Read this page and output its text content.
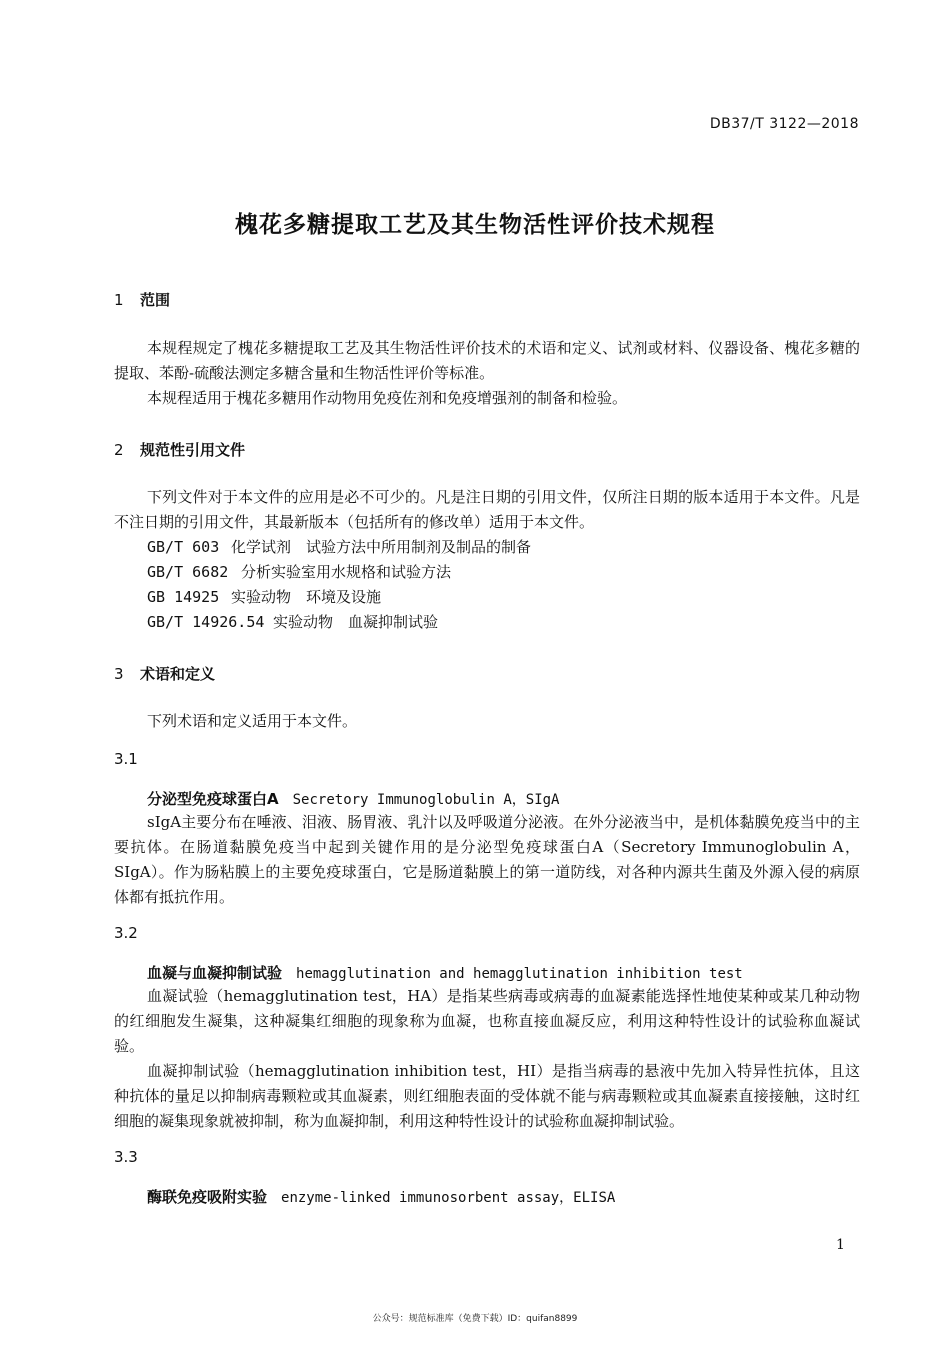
DB37/T 3122—2018
槐花多糖提取工艺及其生物活性评价技术规程
1 范围
本规程规定了槐花多糖提取工艺及其生物活性评价技术的术语和定义、试剂或材料、仪器设备、槐花多糖的提取、苯酚-硫酸法测定多糖含量和生物活性评价等标准。
本规程适用于槐花多糖用作动物用免疫佐剂和免疫增强剂的制备和检验。
2 规范性引用文件
下列文件对于本文件的应用是必不可少的。凡是注日期的引用文件，仅所注日期的版本适用于本文件。凡是不注日期的引用文件，其最新版本（包括所有的修改单）适用于本文件。
GB/T 603 化学试剂　试验方法中所用制剂及制品的制备
GB/T 6682 分析实验室用水规格和试验方法
GB 14925 实验动物　环境及设施
GB/T 14926.54 实验动物　血凝抑制试验
3 术语和定义
下列术语和定义适用于本文件。
3.1
分泌型免疫球蛋白A Secretory Immunoglobulin A，SIgA
sIgA主要分布在唾液、泪液、肠胃液、乳汁以及呼吸道分泌液。在外分泌液当中，是机体黏膜免疫当中的主要抗体。在肠道黏膜免疫当中起到关键作用的是分泌型免疫球蛋白A（Secretory Immunoglobulin A，SIgA）。作为肠粘膜上的主要免疫球蛋白，它是肠道黏膜上的第一道防线，对各种内源共生菌及外源入侵的病原体都有抵抗作用。
3.2
血凝与血凝抑制试验 hemagglutination and hemagglutination inhibition test
血凝试验（hemagglutination test，HA）是指某些病毒或病毒的血凝素能选择性地使某种或某几种动物的红细胞发生凝集，这种凝集红细胞的现象称为血凝，也称直接血凝反应，利用这种特性设计的试验称血凝试验。
血凝抑制试验（hemagglutination inhibition test，HI）是指当病毒的悬液中先加入特异性抗体，且这种抗体的量足以抑制病毒颗粒或其血凝素，则红细胞表面的受体就不能与病毒颗粒或其血凝素直接接触，这时红细胞的凝集现象就被抑制，称为血凝抑制，利用这种特性设计的试验称血凝抑制试验。
3.3
酶联免疫吸附实验 enzyme-linked immunosorbent assay，ELISA
1
公众号：规范标准库（免费下载）ID：quifan8899
